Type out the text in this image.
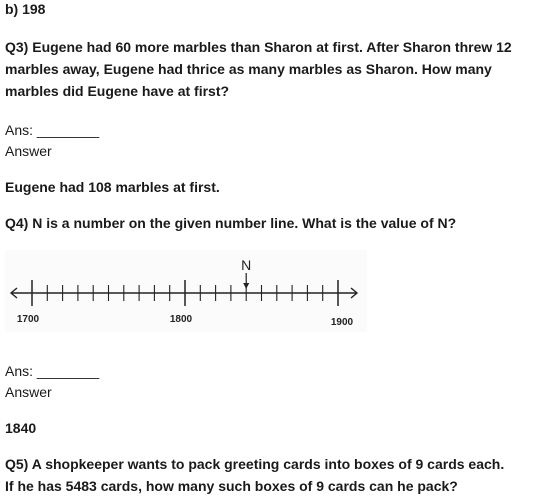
b) 198

Q3) Eugene had 60 more marbles than Sharon at first. After Sharon threw 12
marbles away, Eugene had thrice as many marbles as Sharon. How many
marbles did Eugene have at first?

Ans: ________

Answer

Eugene had 108 marbles at first.

Q4) N is a number on the given number line. What is the value of N?

1700	1800	1900
N

Ans: ________

Answer

1840

Q5) A shopkeeper wants to pack greeting cards into boxes of 9 cards each.
If he has 5483 cards, how many such boxes of 9 cards can he pack?
